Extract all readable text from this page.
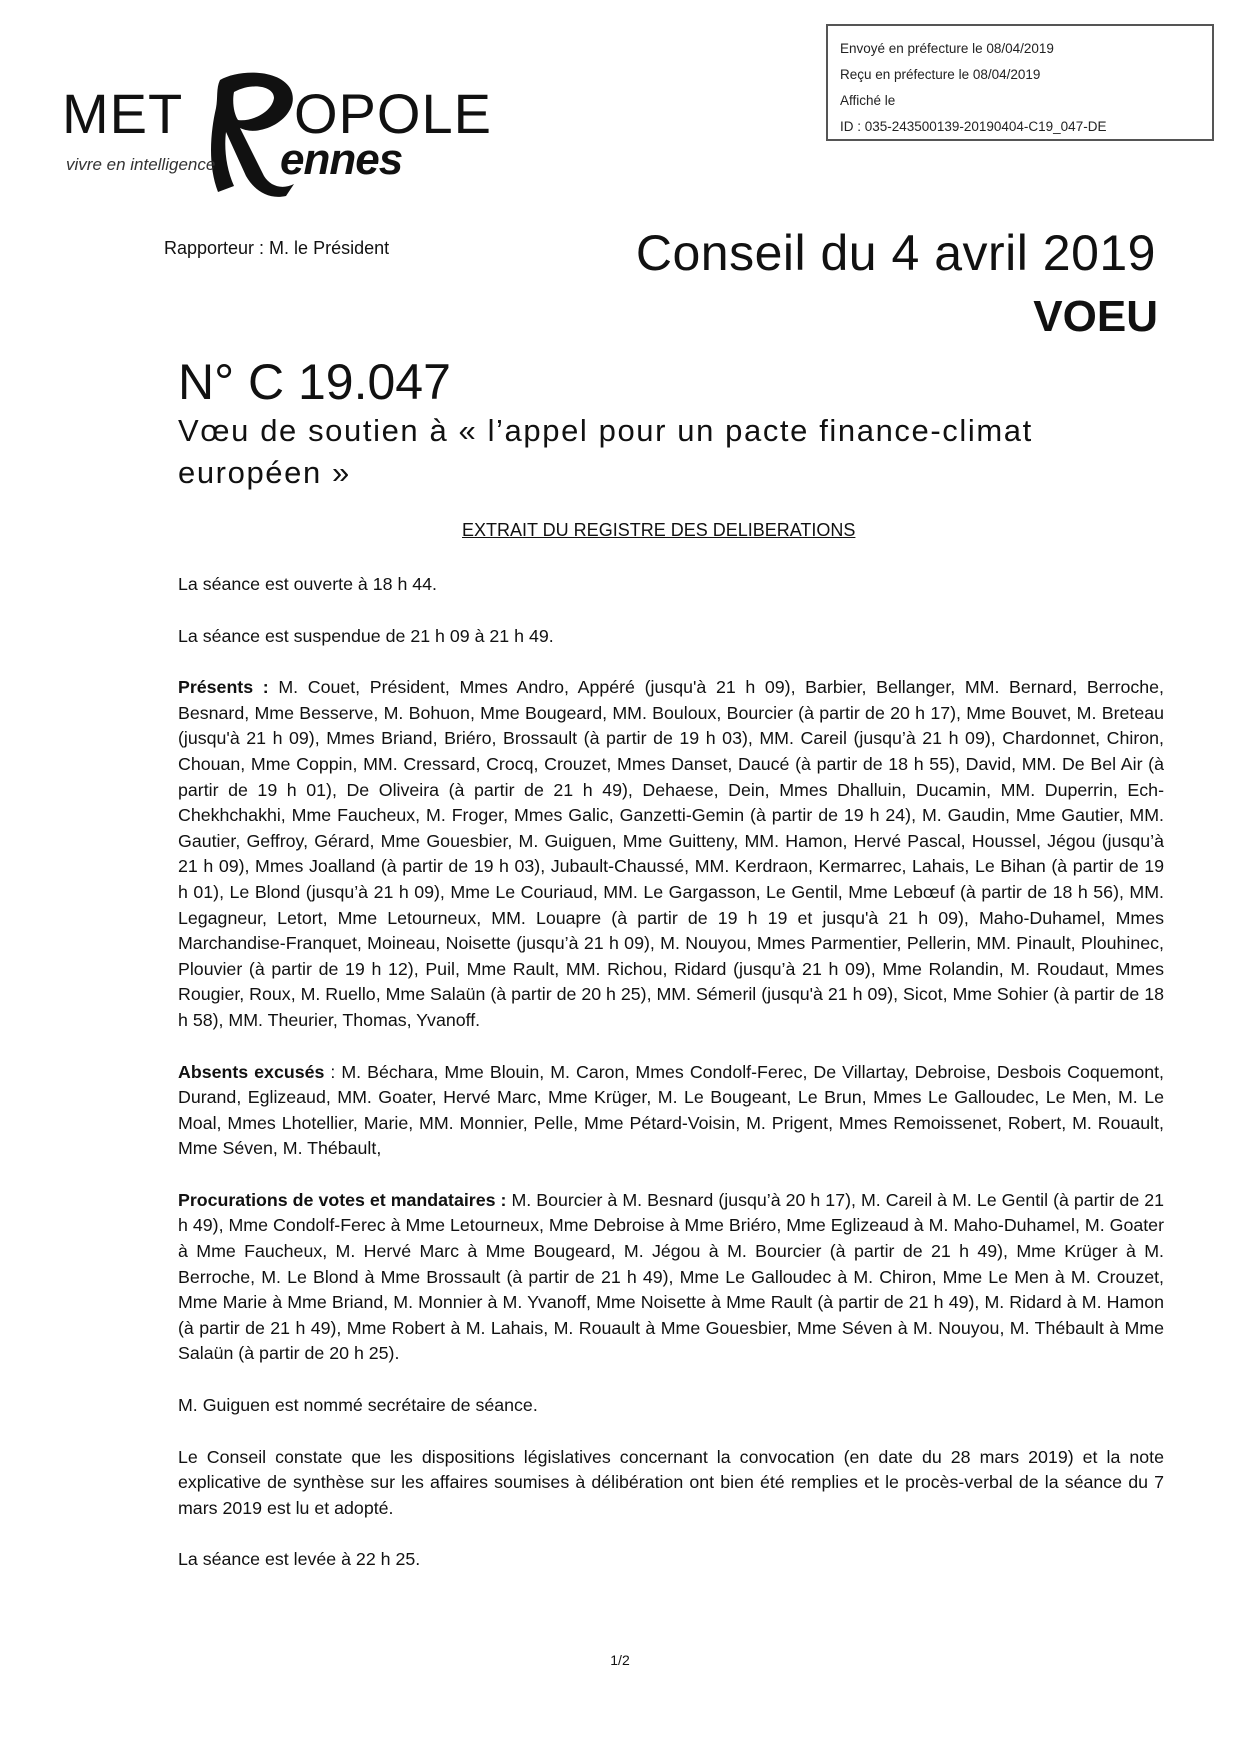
Envoyé en préfecture le 08/04/2019
Reçu en préfecture le 08/04/2019
Affiché le
ID : 035-243500139-20190404-C19_047-DE
MET OPOLE
vivre en intelligence ennes
Rapporteur : M. le Président	Conseil du 4 avril 2019
VOEU
N° C 19.047
Vœu de soutien à « l’appel pour un pacte finance-climat européen »
EXTRAIT DU REGISTRE DES DELIBERATIONS

La séance est ouverte à 18 h 44.

La séance est suspendue de 21 h 09 à 21 h 49.

Présents : M. Couet, Président, Mmes Andro, Appéré (jusqu'à 21 h 09), Barbier, Bellanger, MM. Bernard, Berroche, Besnard, Mme Besserve, M. Bohuon, Mme Bougeard, MM. Bouloux, Bourcier (à partir de 20 h 17), Mme Bouvet, M. Breteau (jusqu'à 21 h 09), Mmes Briand, Briéro, Brossault (à partir de 19 h 03), MM. Careil (jusqu’à 21 h 09), Chardonnet, Chiron, Chouan, Mme Coppin, MM. Cressard, Crocq, Crouzet, Mmes Danset, Daucé (à partir de 18 h 55), David, MM. De Bel Air (à partir de 19 h 01), De Oliveira (à partir de 21 h 49), Dehaese, Dein, Mmes Dhalluin, Ducamin, MM. Duperrin, Ech-Chekhchakhi, Mme Faucheux, M. Froger, Mmes Galic, Ganzetti-Gemin (à partir de 19 h 24), M. Gaudin, Mme Gautier, MM. Gautier, Geffroy, Gérard, Mme Gouesbier, M. Guiguen, Mme Guitteny, MM. Hamon, Hervé Pascal, Houssel, Jégou (jusqu’à 21 h 09), Mmes Joalland (à partir de 19 h 03), Jubault-Chaussé, MM. Kerdraon, Kermarrec, Lahais, Le Bihan (à partir de 19 h 01), Le Blond (jusqu’à 21 h 09), Mme Le Couriaud, MM. Le Gargasson, Le Gentil, Mme Lebœuf (à partir de 18 h 56), MM. Legagneur, Letort, Mme Letourneux, MM. Louapre (à partir de 19 h 19 et jusqu'à 21 h 09), Maho-Duhamel, Mmes Marchandise-Franquet, Moineau, Noisette (jusqu’à 21 h 09), M. Nouyou, Mmes Parmentier, Pellerin, MM. Pinault, Plouhinec, Plouvier (à partir de 19 h 12), Puil, Mme Rault, MM. Richou, Ridard (jusqu’à 21 h 09), Mme Rolandin, M. Roudaut, Mmes Rougier, Roux, M. Ruello, Mme Salaün (à partir de 20 h 25), MM. Sémeril (jusqu'à 21 h 09), Sicot, Mme Sohier (à partir de 18 h 58), MM. Theurier, Thomas, Yvanoff.

Absents excusés : M. Béchara, Mme Blouin, M. Caron, Mmes Condolf-Ferec, De Villartay, Debroise, Desbois Coquemont, Durand, Eglizeaud, MM. Goater, Hervé Marc, Mme Krüger, M. Le Bougeant, Le Brun, Mmes Le Galloudec, Le Men, M. Le Moal, Mmes Lhotellier, Marie, MM. Monnier, Pelle, Mme Pétard-Voisin, M. Prigent, Mmes Remoissenet, Robert, M. Rouault, Mme Séven, M. Thébault,

Procurations de votes et mandataires : M. Bourcier à M. Besnard (jusqu’à 20 h 17), M. Careil à M. Le Gentil (à partir de 21 h 49), Mme Condolf-Ferec à Mme Letourneux, Mme Debroise à Mme Briéro, Mme Eglizeaud à M. Maho-Duhamel, M. Goater à Mme Faucheux, M. Hervé Marc à Mme Bougeard, M. Jégou à M. Bourcier (à partir de 21 h 49), Mme Krüger à M. Berroche, M. Le Blond à Mme Brossault (à partir de 21 h 49), Mme Le Galloudec à M. Chiron, Mme Le Men à M. Crouzet, Mme Marie à Mme Briand, M. Monnier à M. Yvanoff, Mme Noisette à Mme Rault (à partir de 21 h 49), M. Ridard à M. Hamon (à partir de 21 h 49), Mme Robert à M. Lahais, M. Rouault à Mme Gouesbier, Mme Séven à M. Nouyou, M. Thébault à Mme Salaün (à partir de 20 h 25).

M. Guiguen est nommé secrétaire de séance.

Le Conseil constate que les dispositions législatives concernant la convocation (en date du 28 mars 2019) et la note explicative de synthèse sur les affaires soumises à délibération ont bien été remplies et le procès-verbal de la séance du 7 mars 2019 est lu et adopté.

La séance est levée à 22 h 25.

1/2
